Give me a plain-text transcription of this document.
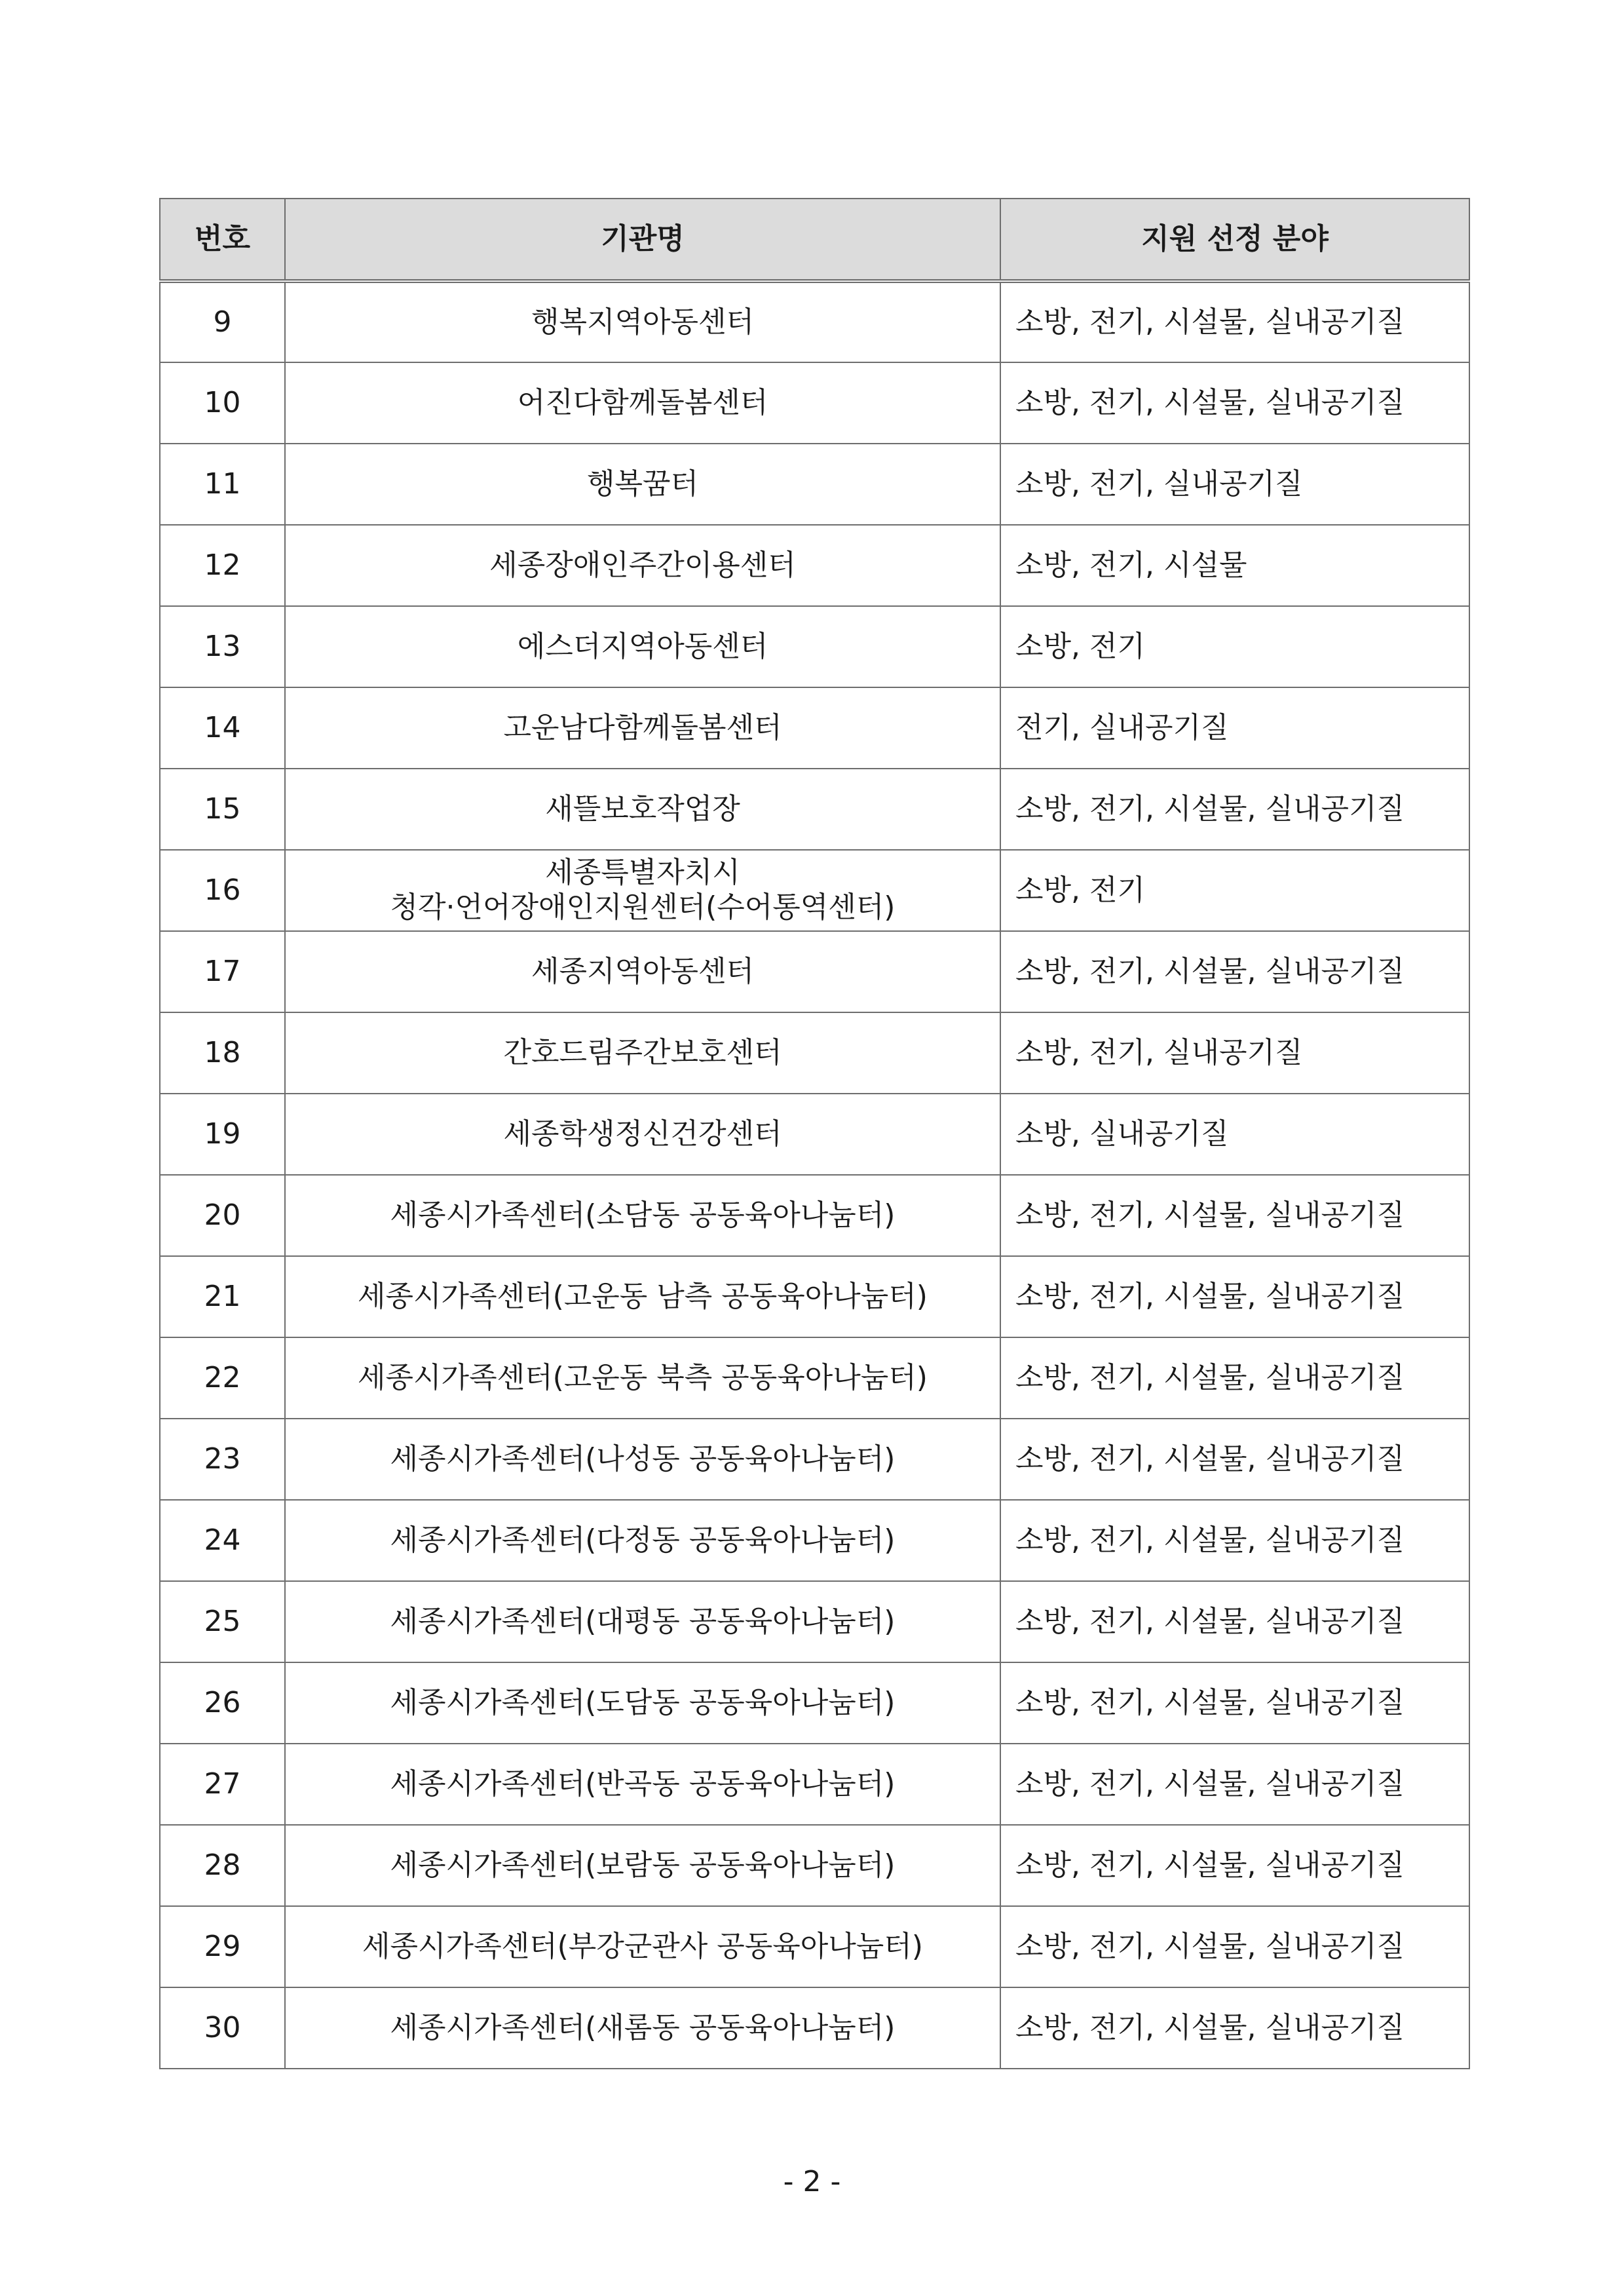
번호	기관명	지원 선정 분야
9	행복지역아동센터	소방, 전기, 시설물, 실내공기질
10	어진다함께돌봄센터	소방, 전기, 시설물, 실내공기질
11	행복꿈터	소방, 전기, 실내공기질
12	세종장애인주간이용센터	소방, 전기, 시설물
13	에스더지역아동센터	소방, 전기
14	고운남다함께돌봄센터	전기, 실내공기질
15	새뜰보호작업장	소방, 전기, 시설물, 실내공기질
16	세종특별자치시
청각·언어장애인지원센터(수어통역센터)	소방, 전기
17	세종지역아동센터	소방, 전기, 시설물, 실내공기질
18	간호드림주간보호센터	소방, 전기, 실내공기질
19	세종학생정신건강센터	소방, 실내공기질
20	세종시가족센터(소담동 공동육아나눔터)	소방, 전기, 시설물, 실내공기질
21	세종시가족센터(고운동 남측 공동육아나눔터)	소방, 전기, 시설물, 실내공기질
22	세종시가족센터(고운동 북측 공동육아나눔터)	소방, 전기, 시설물, 실내공기질
23	세종시가족센터(나성동 공동육아나눔터)	소방, 전기, 시설물, 실내공기질
24	세종시가족센터(다정동 공동육아나눔터)	소방, 전기, 시설물, 실내공기질
25	세종시가족센터(대평동 공동육아나눔터)	소방, 전기, 시설물, 실내공기질
26	세종시가족센터(도담동 공동육아나눔터)	소방, 전기, 시설물, 실내공기질
27	세종시가족센터(반곡동 공동육아나눔터)	소방, 전기, 시설물, 실내공기질
28	세종시가족센터(보람동 공동육아나눔터)	소방, 전기, 시설물, 실내공기질
29	세종시가족센터(부강군관사 공동육아나눔터)	소방, 전기, 시설물, 실내공기질
30	세종시가족센터(새롬동 공동육아나눔터)	소방, 전기, 시설물, 실내공기질
- 2 -
